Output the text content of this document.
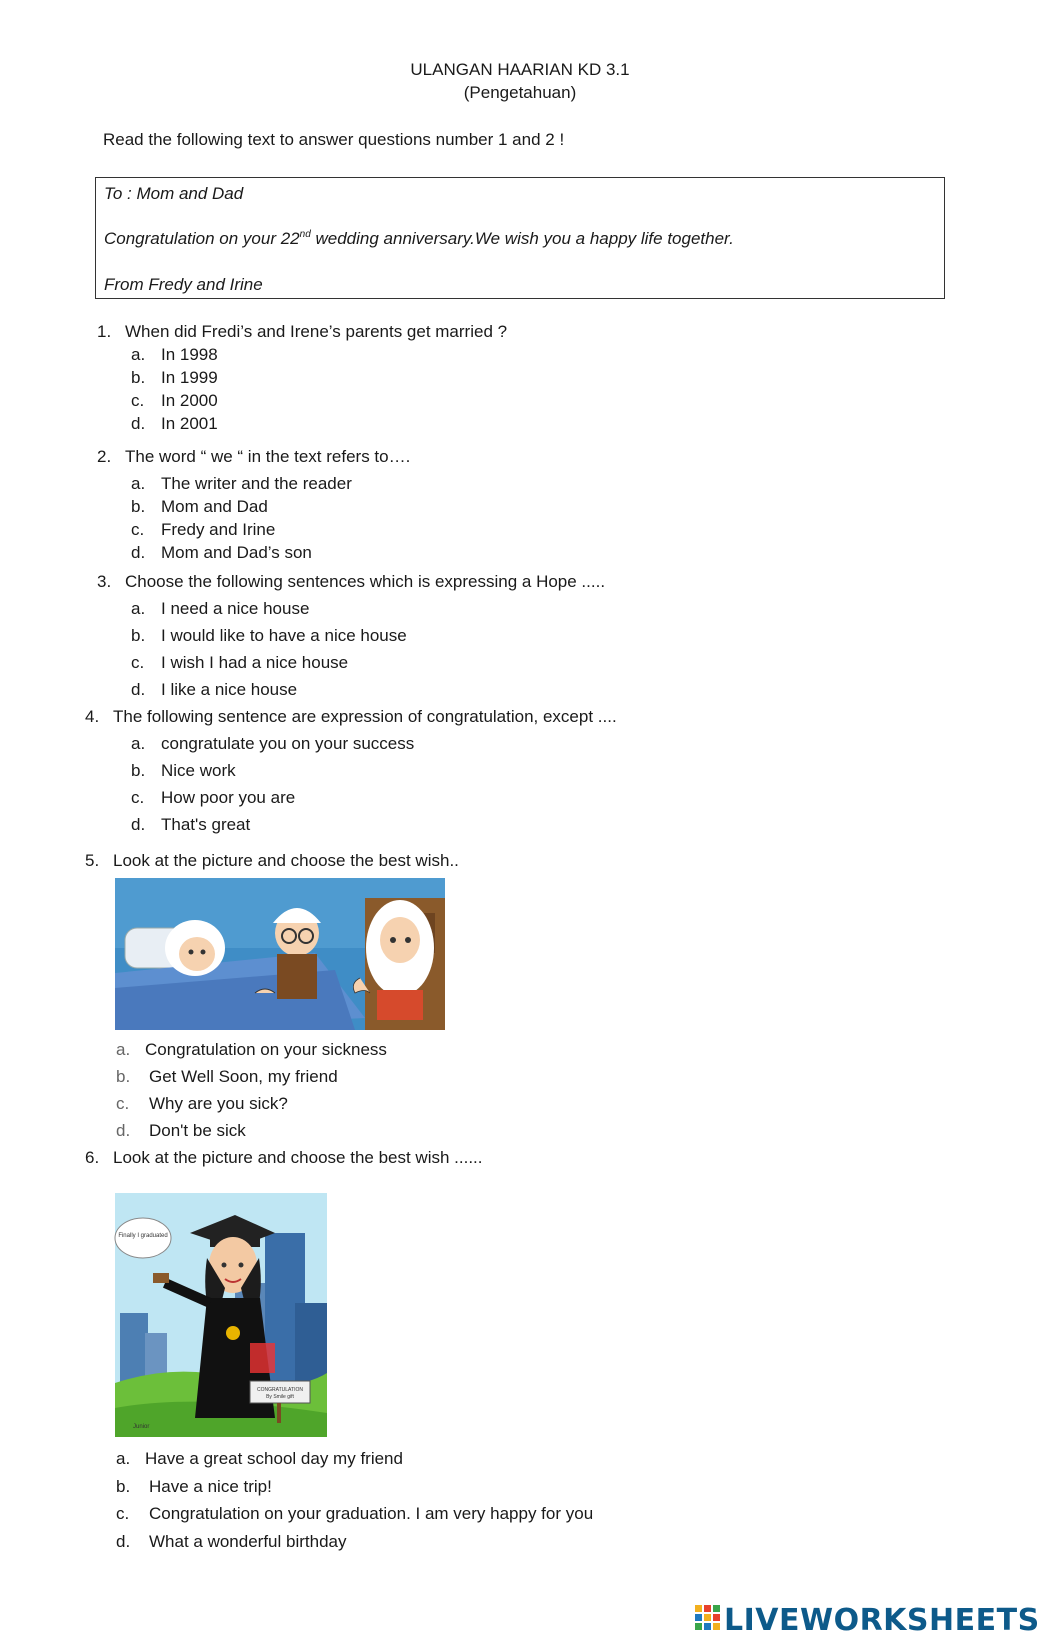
ULANGAN HAARIAN KD 3.1
(Pengetahuan)
Read the following text to answer questions number 1 and 2 !
To : Mom and Dad
Congratulation on your 22nd wedding anniversary.We wish you a happy life together.
From Fredy and Irine
1. When did Fredi’s and Irene’s parents get married ?
a. In 1998
b. In 1999
c. In 2000
d. In 2001
2. The word “ we “ in the text refers to….
a. The writer and the reader
b. Mom and Dad
c. Fredy and Irine
d. Mom and Dad’s son
3. Choose the following sentences which is expressing a Hope .....
a. I need a nice house
b. I would like to have a nice house
c. I wish I had a nice house
d. I like a nice house
4. The following sentence are expression of congratulation, except ....
a. congratulate you on your success
b. Nice work
c. How poor you are
d. That's great
5. Look at the picture and choose the best wish..
a. Congratulation on your sickness
b. Get Well Soon, my friend
c. Why are you sick?
d. Don't be sick
6. Look at the picture and choose the best wish ......
Finally I graduated
CONGRATULATION
By Smile gift
Junior
a. Have a great school day my friend
b. Have a nice trip!
c. Congratulation on your graduation. I am very happy for you
d. What a wonderful birthday
LIVEWORKSHEETS
